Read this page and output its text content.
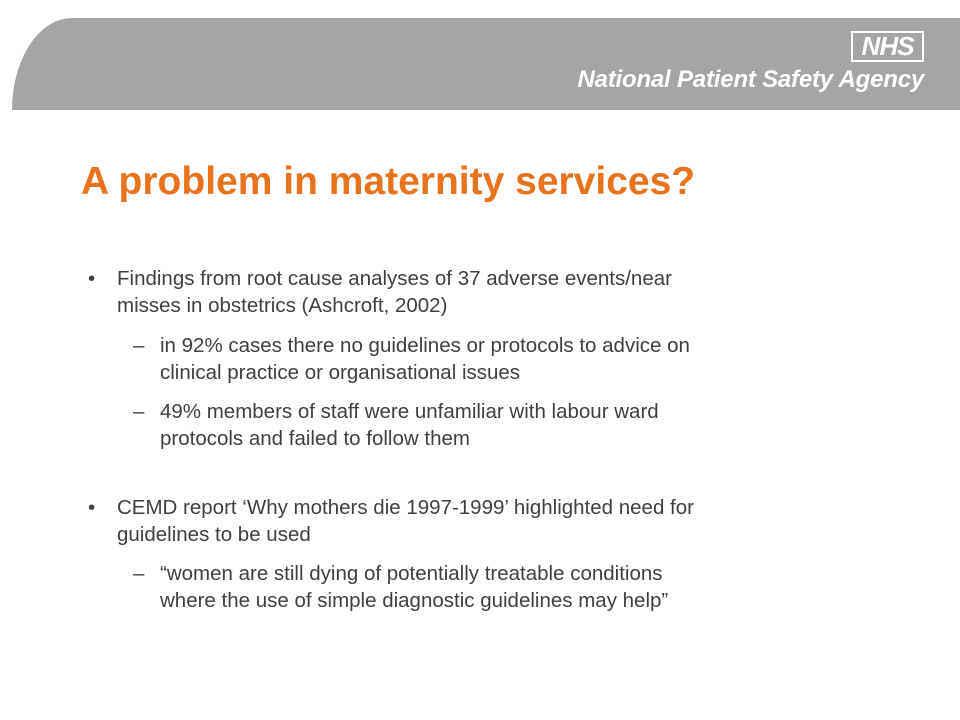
NHS
National Patient Safety Agency
A problem in maternity services?
• Findings from root cause analyses of 37 adverse events/near
misses in obstetrics (Ashcroft, 2002)
– in 92% cases there no guidelines or protocols to advice on
clinical practice or organisational issues
– 49% members of staff were unfamiliar with labour ward
protocols and failed to follow them
• CEMD report ‘Why mothers die 1997-1999’ highlighted need for
guidelines to be used
– “women are still dying of potentially treatable conditions
where the use of simple diagnostic guidelines may help”
